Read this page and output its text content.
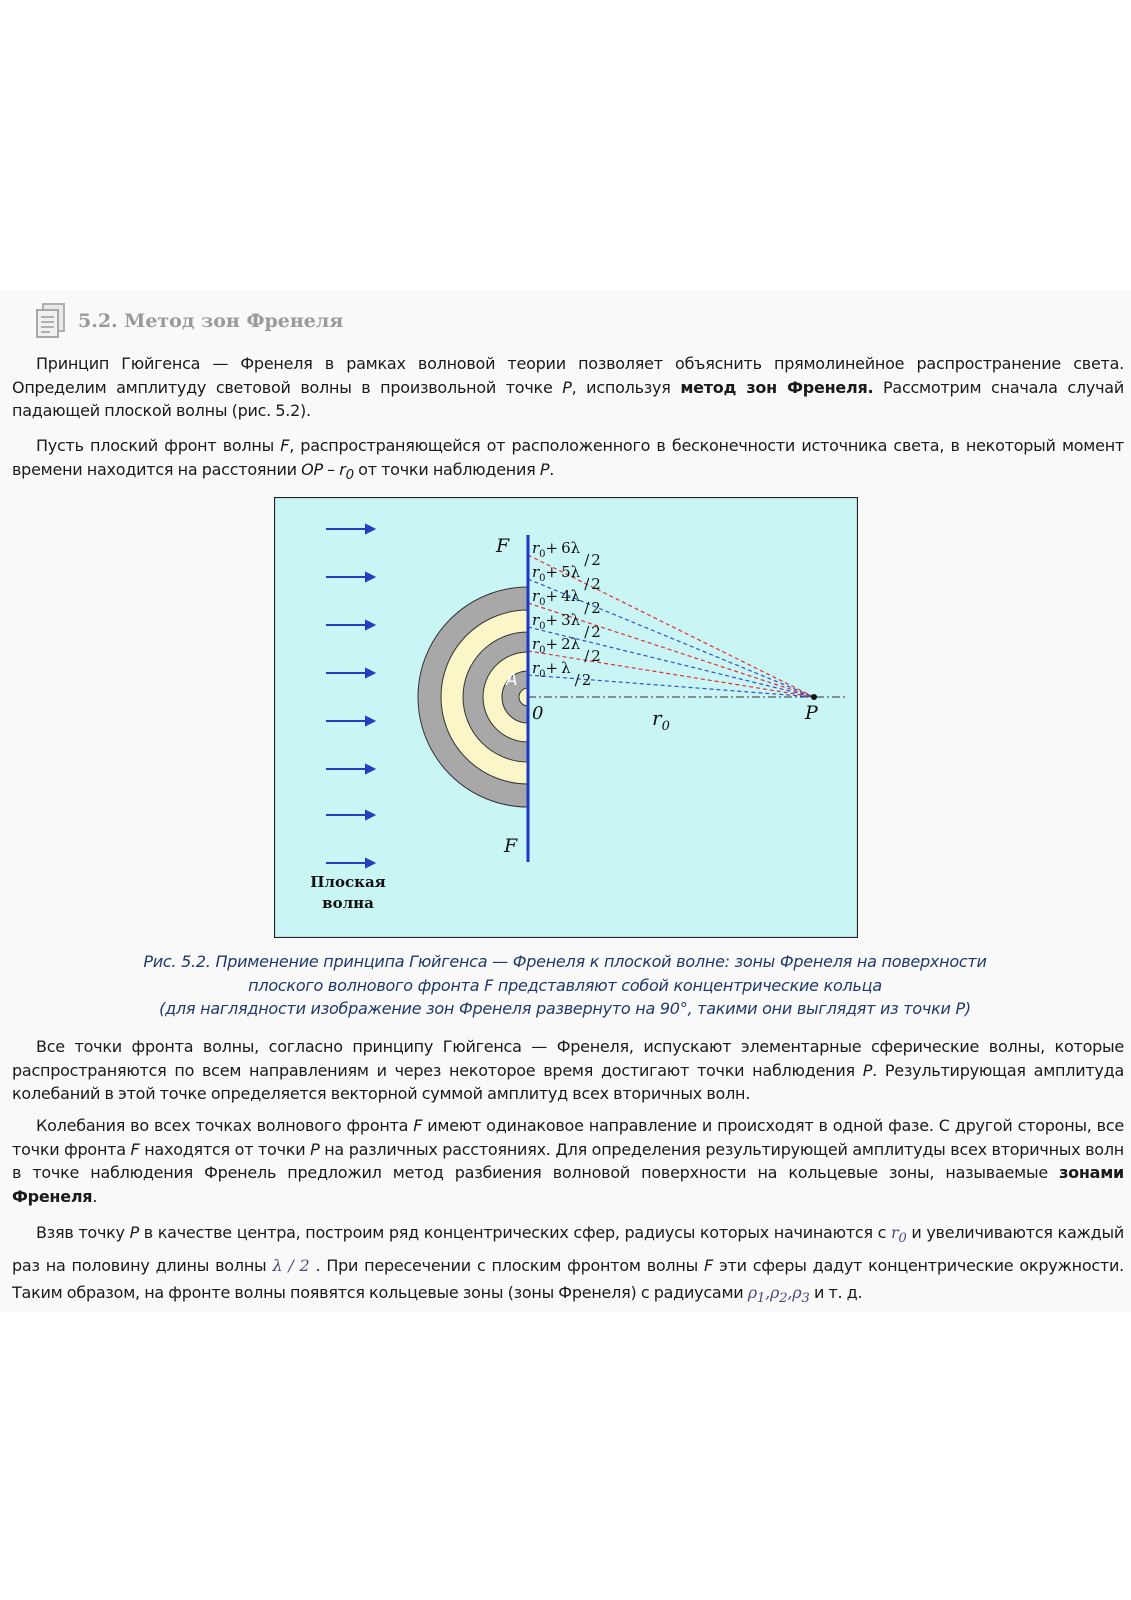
5.2. Метод зон Френеля

Принцип Гюйгенса — Френеля в рамках волновой теории позволяет объяснить прямолинейное распространение света. Определим амплитуду световой волны в произвольной точке P, используя метод зон Френеля. Рассмотрим сначала случай падающей плоской волны (рис. 5.2).

Пусть плоский фронт волны F, распространяющейся от расположенного в бесконечности источника света, в некоторый момент времени находится на расстоянии OP – $r_0$ от точки наблюдения P.

F
F
A
0	$r_0$
P
$r_0+ 6\lambda/$ 2
$r_0+ 5\lambda/$ 2
$r_0+ 4\lambda/$ 2
$r_0+ 3\lambda/$ 2
$r_0+ 2\lambda/$ 2
$r_0+ \lambda/$ 2
Плоская
волна
Рис. 5.2. Применение принципа Гюйгенса — Френеля к плоской волне: зоны Френеля на поверхности
плоского волнового фронта F представляют собой концентрические кольца
(для наглядности изображение зон Френеля развернуто на 90°, такими они выглядят из точки P)

Все точки фронта волны, согласно принципу Гюйгенса — Френеля, испускают элементарные сферические волны, которые распространяются по всем направлениям и через некоторое время достигают точки наблюдения P. Результирующая амплитуда колебаний в этой точке определяется векторной суммой амплитуд всех вторичных волн.

Колебания во всех точках волнового фронта F имеют одинаковое направление и происходят в одной фазе. С другой стороны, все точки фронта F находятся от точки P на различных расстояниях. Для определения результирующей амплитуды всех вторичных волн в точке наблюдения Френель предложил метод разбиения волновой поверхности на кольцевые зоны, называемые зонами Френеля.

Взяв точку P в качестве центра, построим ряд концентрических сфер, радиусы которых начинаются с $r_0$ и увеличиваются каждый раз на половину длины волны λ / 2 . При пересечении с плоским фронтом волны F эти сферы дадут концентрические окружности. Таким образом, на фронте волны появятся кольцевые зоны (зоны Френеля) с радиусами $\rho_1,\rho_2,\rho_3$ и т. д.
